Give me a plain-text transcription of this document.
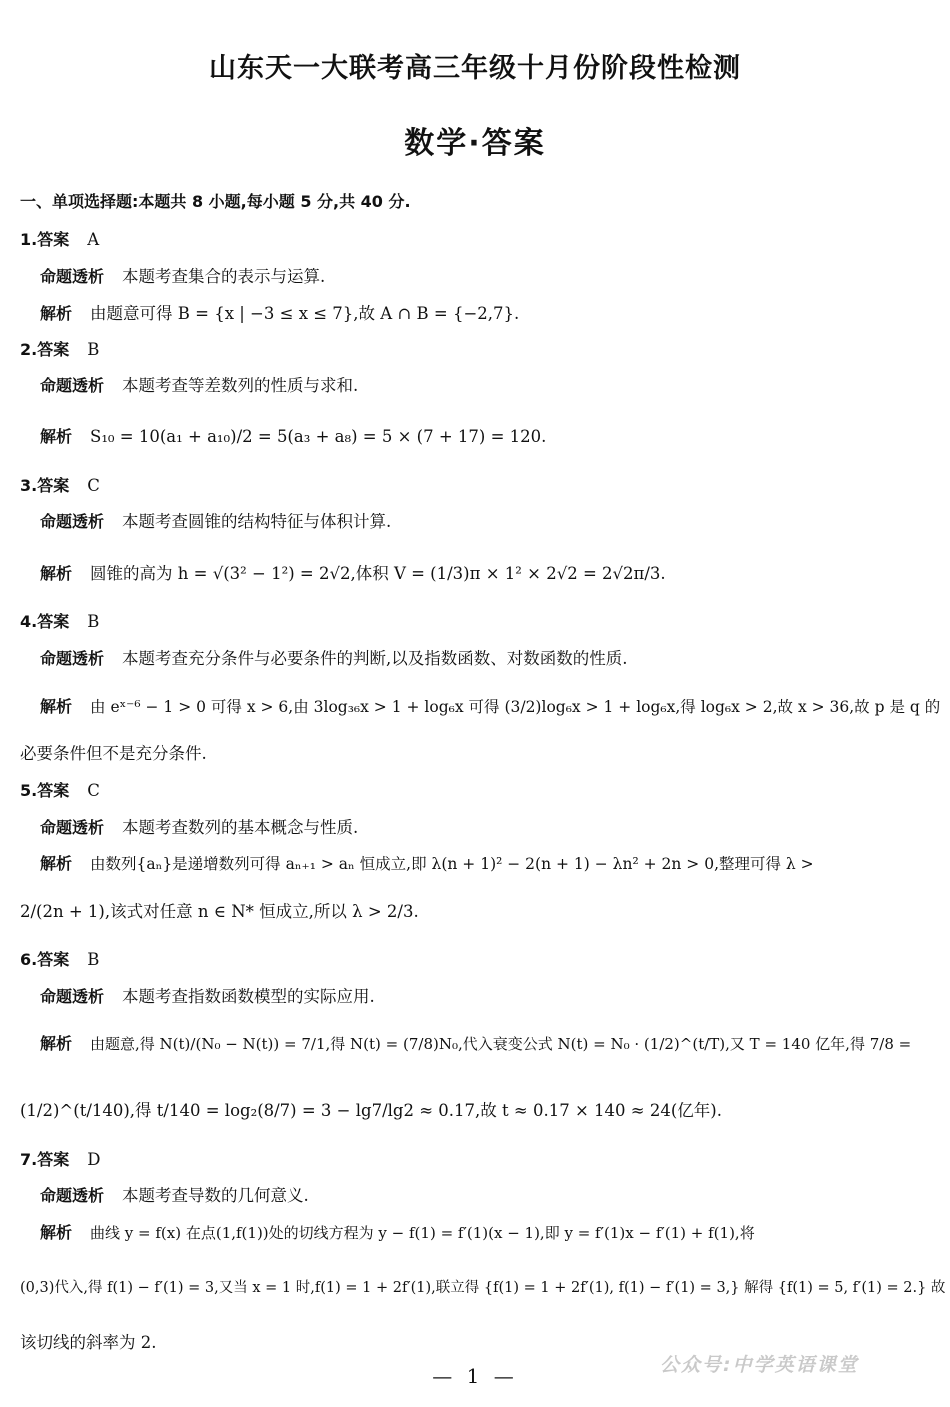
山东天一大联考高三年级十月份阶段性检测
数学·答案
一、单项选择题:本题共 8 小题,每小题 5 分,共 40 分.
1.答案 A
命题透析 本题考查集合的表示与运算.
解析 由题意可得 B = {x | −3 ≤ x ≤ 7},故 A ∩ B = {−2,7}.
2.答案 B
命题透析 本题考查等差数列的性质与求和.
解析 S₁₀ = 10(a₁ + a₁₀)/2 = 5(a₃ + a₈) = 5 × (7 + 17) = 120.
3.答案 C
命题透析 本题考查圆锥的结构特征与体积计算.
解析 圆锥的高为 h = √(3² − 1²) = 2√2,体积 V = (1/3)π × 1² × 2√2 = 2√2π/3.
4.答案 B
命题透析 本题考查充分条件与必要条件的判断,以及指数函数、对数函数的性质.
解析 由 eˣ⁻⁶ − 1 > 0 可得 x > 6,由 3log₃₆x > 1 + log₆x 可得 (3/2)log₆x > 1 + log₆x,得 log₆x > 2,故 x > 36,故 p 是 q 的
必要条件但不是充分条件.
5.答案 C
命题透析 本题考查数列的基本概念与性质.
解析 由数列{aₙ}是递增数列可得 aₙ₊₁ > aₙ 恒成立,即 λ(n + 1)² − 2(n + 1) − λn² + 2n > 0,整理可得 λ >
2/(2n + 1),该式对任意 n ∈ N* 恒成立,所以 λ > 2/3.
6.答案 B
命题透析 本题考查指数函数模型的实际应用.
解析 由题意,得 N(t)/(N₀ − N(t)) = 7/1,得 N(t) = (7/8)N₀,代入衰变公式 N(t) = N₀ · (1/2)^(t/T),又 T = 140 亿年,得 7/8 =
(1/2)^(t/140),得 t/140 = log₂(8/7) = 3 − lg7/lg2 ≈ 0.17,故 t ≈ 0.17 × 140 ≈ 24(亿年).
7.答案 D
命题透析 本题考查导数的几何意义.
解析 曲线 y = f(x) 在点(1,f(1))处的切线方程为 y − f(1) = f′(1)(x − 1),即 y = f′(1)x − f′(1) + f(1),将
(0,3)代入,得 f(1) − f′(1) = 3,又当 x = 1 时,f(1) = 1 + 2f′(1),联立得 {f(1) = 1 + 2f′(1), f(1) − f′(1) = 3,} 解得 {f(1) = 5, f′(1) = 2.} 故
该切线的斜率为 2.
— 1 —	公众号:中学英语课堂
